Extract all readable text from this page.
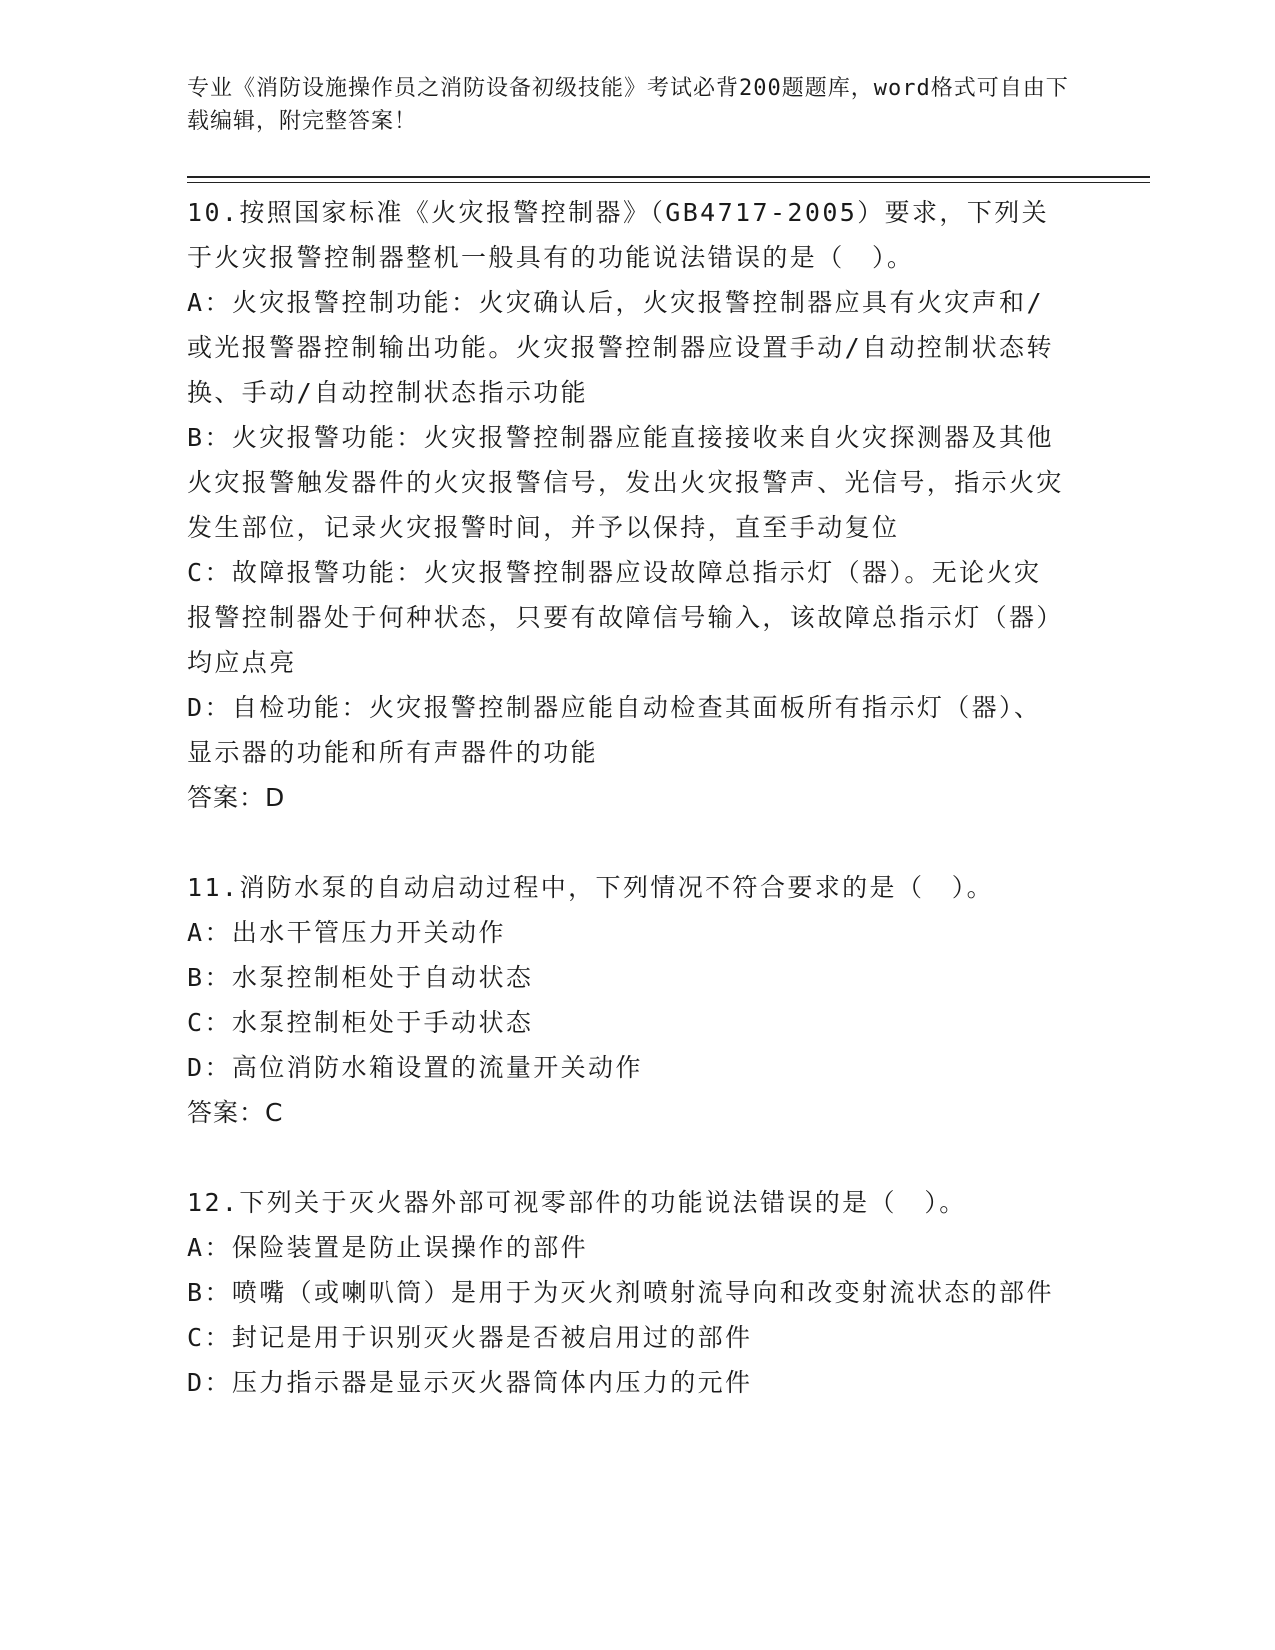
专业《消防设施操作员之消防设备初级技能》考试必背200题题库，word格式可自由下载编辑，附完整答案！
10.按照国家标准《火灾报警控制器》（GB4717-2005）要求，下列关于火灾报警控制器整机一般具有的功能说法错误的是（　）。
A：火灾报警控制功能：火灾确认后，火灾报警控制器应具有火灾声和/或光报警器控制输出功能。火灾报警控制器应设置手动/自动控制状态转换、手动/自动控制状态指示功能
B：火灾报警功能：火灾报警控制器应能直接接收来自火灾探测器及其他火灾报警触发器件的火灾报警信号，发出火灾报警声、光信号，指示火灾发生部位，记录火灾报警时间，并予以保持，直至手动复位
C：故障报警功能：火灾报警控制器应设故障总指示灯（器）。无论火灾报警控制器处于何种状态，只要有故障信号输入，该故障总指示灯（器）均应点亮
D：自检功能：火灾报警控制器应能自动检查其面板所有指示灯（器）、显示器的功能和所有声器件的功能
答案：D
11.消防水泵的自动启动过程中，下列情况不符合要求的是（　）。
A：出水干管压力开关动作
B：水泵控制柜处于自动状态
C：水泵控制柜处于手动状态
D：高位消防水箱设置的流量开关动作
答案：C
12.下列关于灭火器外部可视零部件的功能说法错误的是（　）。
A：保险装置是防止误操作的部件
B：喷嘴（或喇叭筒）是用于为灭火剂喷射流导向和改变射流状态的部件
C：封记是用于识别灭火器是否被启用过的部件
D：压力指示器是显示灭火器筒体内压力的元件
